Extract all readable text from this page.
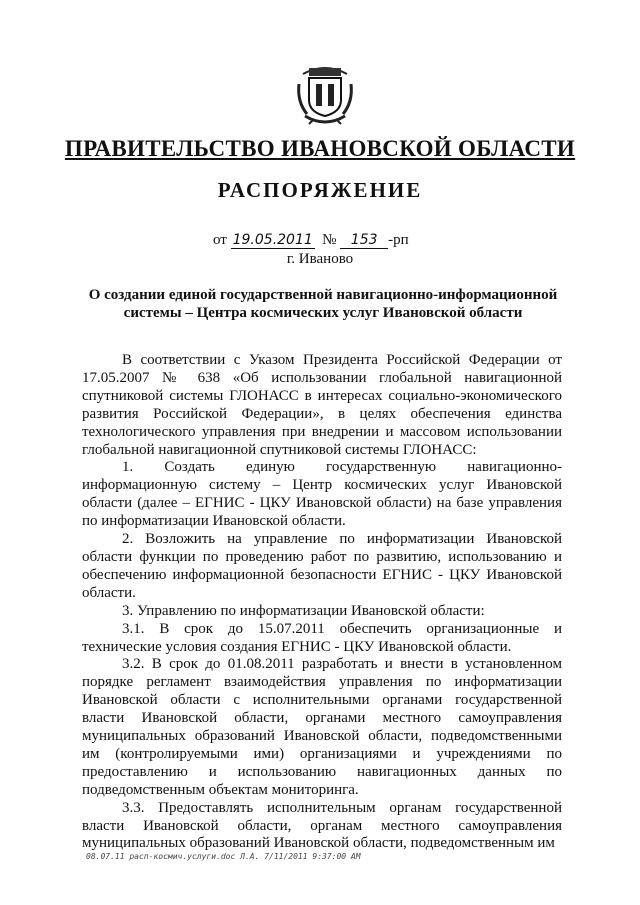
ПРАВИТЕЛЬСТВО ИВАНОВСКОЙ ОБЛАСТИ
РАСПОРЯЖЕНИЕ
от 19.05.2011 № 153 -рп
г. Иваново
О создании единой государственной навигационно-информационной системы – Центра космических услуг Ивановской области

В соответствии с Указом Президента Российской Федерации от 17.05.2007 № 638 «Об использовании глобальной навигационной спутниковой системы ГЛОНАСС в интересах социально-экономического развития Российской Федерации», в целях обеспечения единства технологического управления при внедрении и массовом использовании глобальной навигационной спутниковой системы ГЛОНАСС:

1. Создать единую государственную навигационно-информационную систему – Центр космических услуг Ивановской области (далее – ЕГНИС - ЦКУ Ивановской области) на базе управления по информатизации Ивановской области.

2. Возложить на управление по информатизации Ивановской области функции по проведению работ по развитию, использованию и обеспечению информационной безопасности ЕГНИС - ЦКУ Ивановской области.

3. Управлению по информатизации Ивановской области:

3.1. В срок до 15.07.2011 обеспечить организационные и технические условия создания ЕГНИС - ЦКУ Ивановской области.

3.2. В срок до 01.08.2011 разработать и внести в установленном порядке регламент взаимодействия управления по информатизации Ивановской области с исполнительными органами государственной власти Ивановской области, органами местного самоуправления муниципальных образований Ивановской области, подведомственными им (контролируемыми ими) организациями и учреждениями по предоставлению и использованию навигационных данных по подведомственным объектам мониторинга.

3.3. Предоставлять исполнительным органам государственной власти Ивановской области, органам местного самоуправления муниципальных образований Ивановской области, подведомственным им

08.07.11 расп-космич.услуги.doc Л.А. 7/11/2011 9:37:00 AM
